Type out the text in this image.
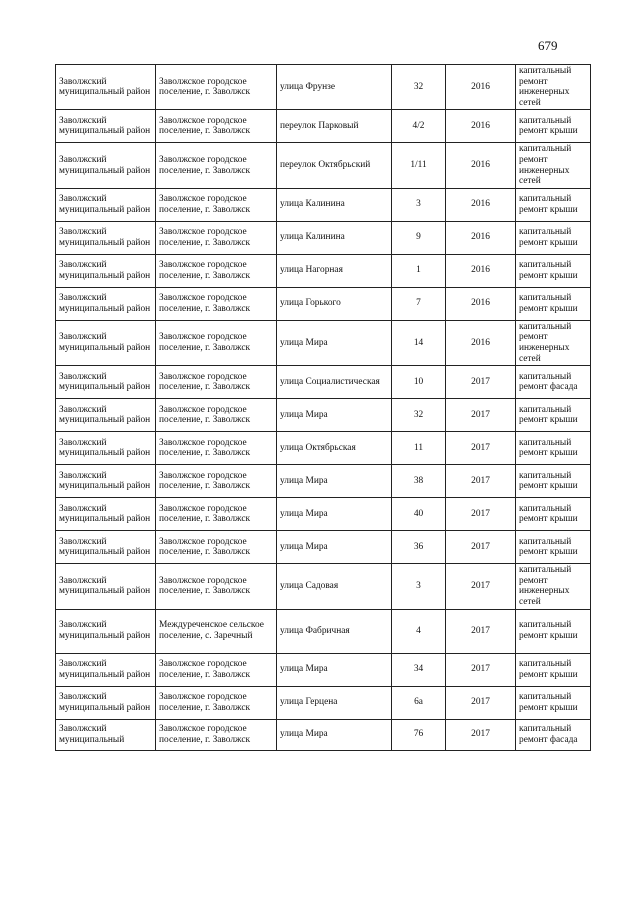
679
Заволжский муниципальный район	Заволжское городское поселение, г. Заволжск	улица Фрунзе	32	2016	капитальный ремонт инженерных сетей
Заволжский муниципальный район	Заволжское городское поселение, г. Заволжск	переулок Парковый	4/2	2016	капитальный ремонт крыши
Заволжский муниципальный район	Заволжское городское поселение, г. Заволжск	переулок Октябрьский	1/11	2016	капитальный ремонт инженерных сетей
Заволжский муниципальный район	Заволжское городское поселение, г. Заволжск	улица Калинина	3	2016	капитальный ремонт крыши
Заволжский муниципальный район	Заволжское городское поселение, г. Заволжск	улица Калинина	9	2016	капитальный ремонт крыши
Заволжский муниципальный район	Заволжское городское поселение, г. Заволжск	улица Нагорная	1	2016	капитальный ремонт крыши
Заволжский муниципальный район	Заволжское городское поселение, г. Заволжск	улица Горького	7	2016	капитальный ремонт крыши
Заволжский муниципальный район	Заволжское городское поселение, г. Заволжск	улица Мира	14	2016	капитальный ремонт инженерных сетей
Заволжский муниципальный район	Заволжское городское поселение, г. Заволжск	улица Социалистическая	10	2017	капитальный ремонт фасада
Заволжский муниципальный район	Заволжское городское поселение, г. Заволжск	улица Мира	32	2017	капитальный ремонт крыши
Заволжский муниципальный район	Заволжское городское поселение, г. Заволжск	улица Октябрьская	11	2017	капитальный ремонт крыши
Заволжский муниципальный район	Заволжское городское поселение, г. Заволжск	улица Мира	38	2017	капитальный ремонт крыши
Заволжский муниципальный район	Заволжское городское поселение, г. Заволжск	улица Мира	40	2017	капитальный ремонт крыши
Заволжский муниципальный район	Заволжское городское поселение, г. Заволжск	улица Мира	36	2017	капитальный ремонт крыши
Заволжский муниципальный район	Заволжское городское поселение, г. Заволжск	улица Садовая	3	2017	капитальный ремонт инженерных сетей
Заволжский муниципальный район	Междуреченское сельское поселение, с. Заречный	улица Фабричная	4	2017	капитальный ремонт крыши
Заволжский муниципальный район	Заволжское городское поселение, г. Заволжск	улица Мира	34	2017	капитальный ремонт крыши
Заволжский муниципальный район	Заволжское городское поселение, г. Заволжск	улица Герцена	6а	2017	капитальный ремонт крыши
Заволжский муниципальный	Заволжское городское поселение, г. Заволжск	улица Мира	76	2017	капитальный ремонт фасада
